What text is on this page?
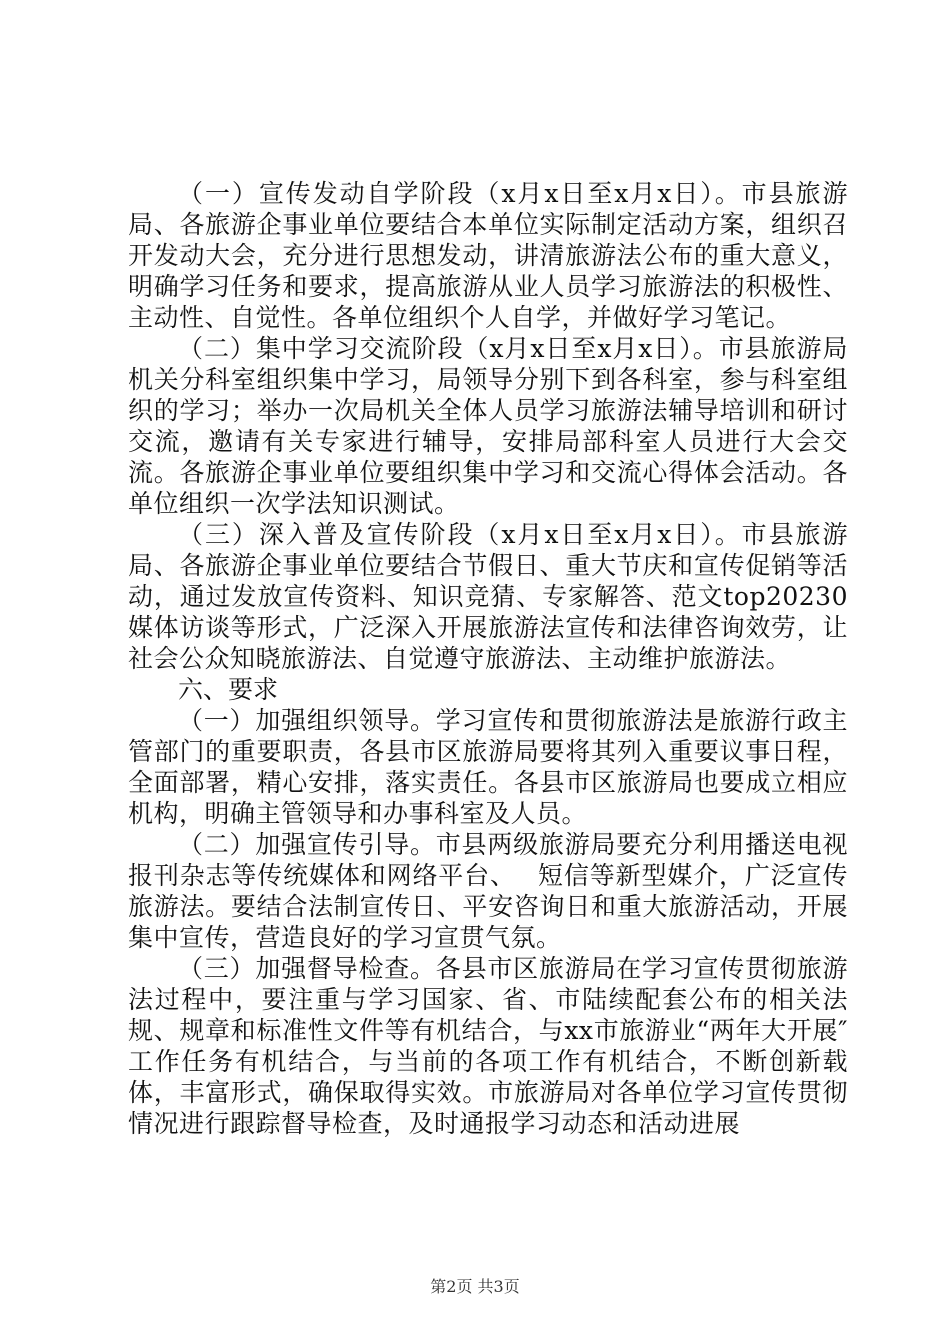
（一）宣传发动自学阶段（x月x日至x月x日）。市县旅游局、各旅游企事业单位要结合本单位实际制定活动方案，组织召开发动大会，充分进行思想发动，讲清旅游法公布的重大意义，明确学习任务和要求，提高旅游从业人员学习旅游法的积极性、主动性、自觉性。各单位组织个人自学，并做好学习笔记。

（二）集中学习交流阶段（x月x日至x月x日）。市县旅游局机关分科室组织集中学习，局领导分别下到各科室，参与科室组织的学习；举办一次局机关全体人员学习旅游法辅导培训和研讨交流，邀请有关专家进行辅导，安排局部科室人员进行大会交流。各旅游企事业单位要组织集中学习和交流心得体会活动。各单位组织一次学法知识测试。

（三）深入普及宣传阶段（x月x日至x月x日）。市县旅游局、各旅游企事业单位要结合节假日、重大节庆和宣传促销等活动，通过发放宣传资料、知识竞猜、专家解答、范文top20230媒体访谈等形式，广泛深入开展旅游法宣传和法律咨询效劳，让社会公众知晓旅游法、自觉遵守旅游法、主动维护旅游法。

六、要求

（一）加强组织领导。学习宣传和贯彻旅游法是旅游行政主管部门的重要职责，各县市区旅游局要将其列入重要议事日程，全面部署，精心安排，落实责任。各县市区旅游局也要成立相应机构，明确主管领导和办事科室及人员。

（二）加强宣传引导。市县两级旅游局要充分利用播送电视报刊杂志等传统媒体和网络平台、　 短信等新型媒介，广泛宣传旅游法。要结合法制宣传日、平安咨询日和重大旅游活动，开展集中宣传，营造良好的学习宣贯气氛。

（三）加强督导检查。各县市区旅游局在学习宣传贯彻旅游法过程中，要注重与学习国家、省、市陆续配套公布的相关法规、规章和标准性文件等有机结合，与xx市旅游业“两年大开展″工作任务有机结合，与当前的各项工作有机结合，不断创新载体，丰富形式，确保取得实效。市旅游局对各单位学习宣传贯彻情况进行跟踪督导检查，及时通报学习动态和活动进展

第2页 共3页
